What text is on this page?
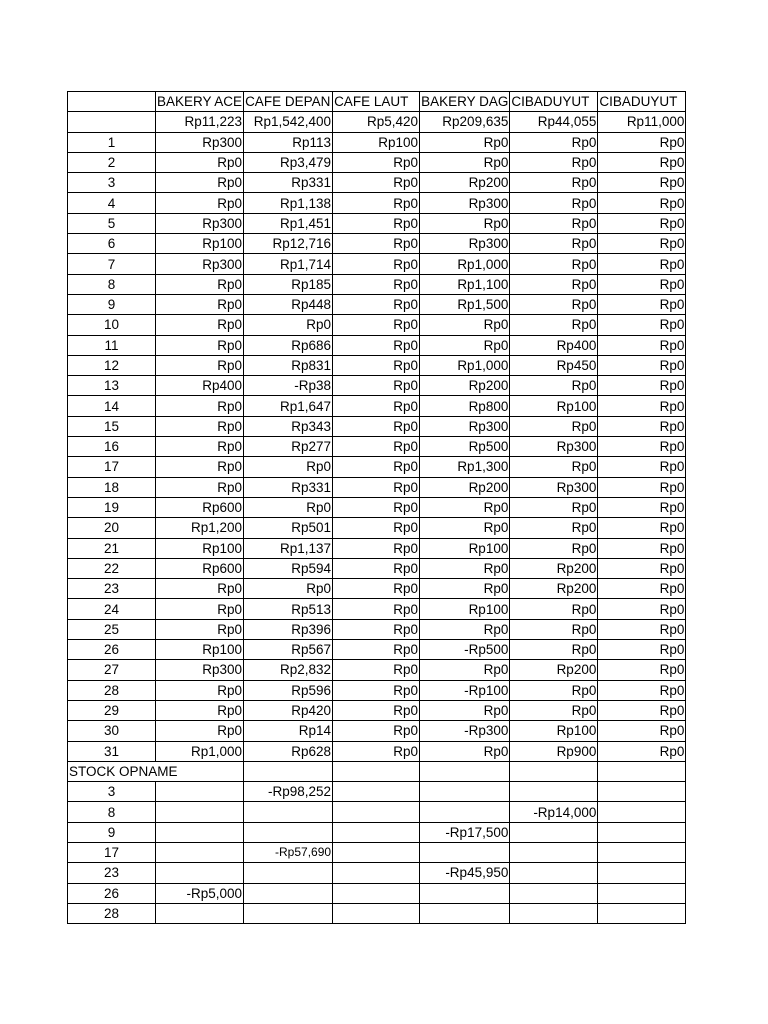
	BAKERY ACE	CAFE DEPAN	CAFE LAUT	BAKERY DAG	CIBADUYUT	CIBADUYUT
	Rp11,223	Rp1,542,400	Rp5,420	Rp209,635	Rp44,055	Rp11,000
1	Rp300	Rp113	Rp100	Rp0	Rp0	Rp0
2	Rp0	Rp3,479	Rp0	Rp0	Rp0	Rp0
3	Rp0	Rp331	Rp0	Rp200	Rp0	Rp0
4	Rp0	Rp1,138	Rp0	Rp300	Rp0	Rp0
5	Rp300	Rp1,451	Rp0	Rp0	Rp0	Rp0
6	Rp100	Rp12,716	Rp0	Rp300	Rp0	Rp0
7	Rp300	Rp1,714	Rp0	Rp1,000	Rp0	Rp0
8	Rp0	Rp185	Rp0	Rp1,100	Rp0	Rp0
9	Rp0	Rp448	Rp0	Rp1,500	Rp0	Rp0
10	Rp0	Rp0	Rp0	Rp0	Rp0	Rp0
11	Rp0	Rp686	Rp0	Rp0	Rp400	Rp0
12	Rp0	Rp831	Rp0	Rp1,000	Rp450	Rp0
13	Rp400	-Rp38	Rp0	Rp200	Rp0	Rp0
14	Rp0	Rp1,647	Rp0	Rp800	Rp100	Rp0
15	Rp0	Rp343	Rp0	Rp300	Rp0	Rp0
16	Rp0	Rp277	Rp0	Rp500	Rp300	Rp0
17	Rp0	Rp0	Rp0	Rp1,300	Rp0	Rp0
18	Rp0	Rp331	Rp0	Rp200	Rp300	Rp0
19	Rp600	Rp0	Rp0	Rp0	Rp0	Rp0
20	Rp1,200	Rp501	Rp0	Rp0	Rp0	Rp0
21	Rp100	Rp1,137	Rp0	Rp100	Rp0	Rp0
22	Rp600	Rp594	Rp0	Rp0	Rp200	Rp0
23	Rp0	Rp0	Rp0	Rp0	Rp200	Rp0
24	Rp0	Rp513	Rp0	Rp100	Rp0	Rp0
25	Rp0	Rp396	Rp0	Rp0	Rp0	Rp0
26	Rp100	Rp567	Rp0	-Rp500	Rp0	Rp0
27	Rp300	Rp2,832	Rp0	Rp0	Rp200	Rp0
28	Rp0	Rp596	Rp0	-Rp100	Rp0	Rp0
29	Rp0	Rp420	Rp0	Rp0	Rp0	Rp0
30	Rp0	Rp14	Rp0	-Rp300	Rp100	Rp0
31	Rp1,000	Rp628	Rp0	Rp0	Rp900	Rp0
STOCK OPNAME						
3		-Rp98,252				
8					-Rp14,000	
9				-Rp17,500		
17		-Rp57,690				
23				-Rp45,950		
26	-Rp5,000					
28						
